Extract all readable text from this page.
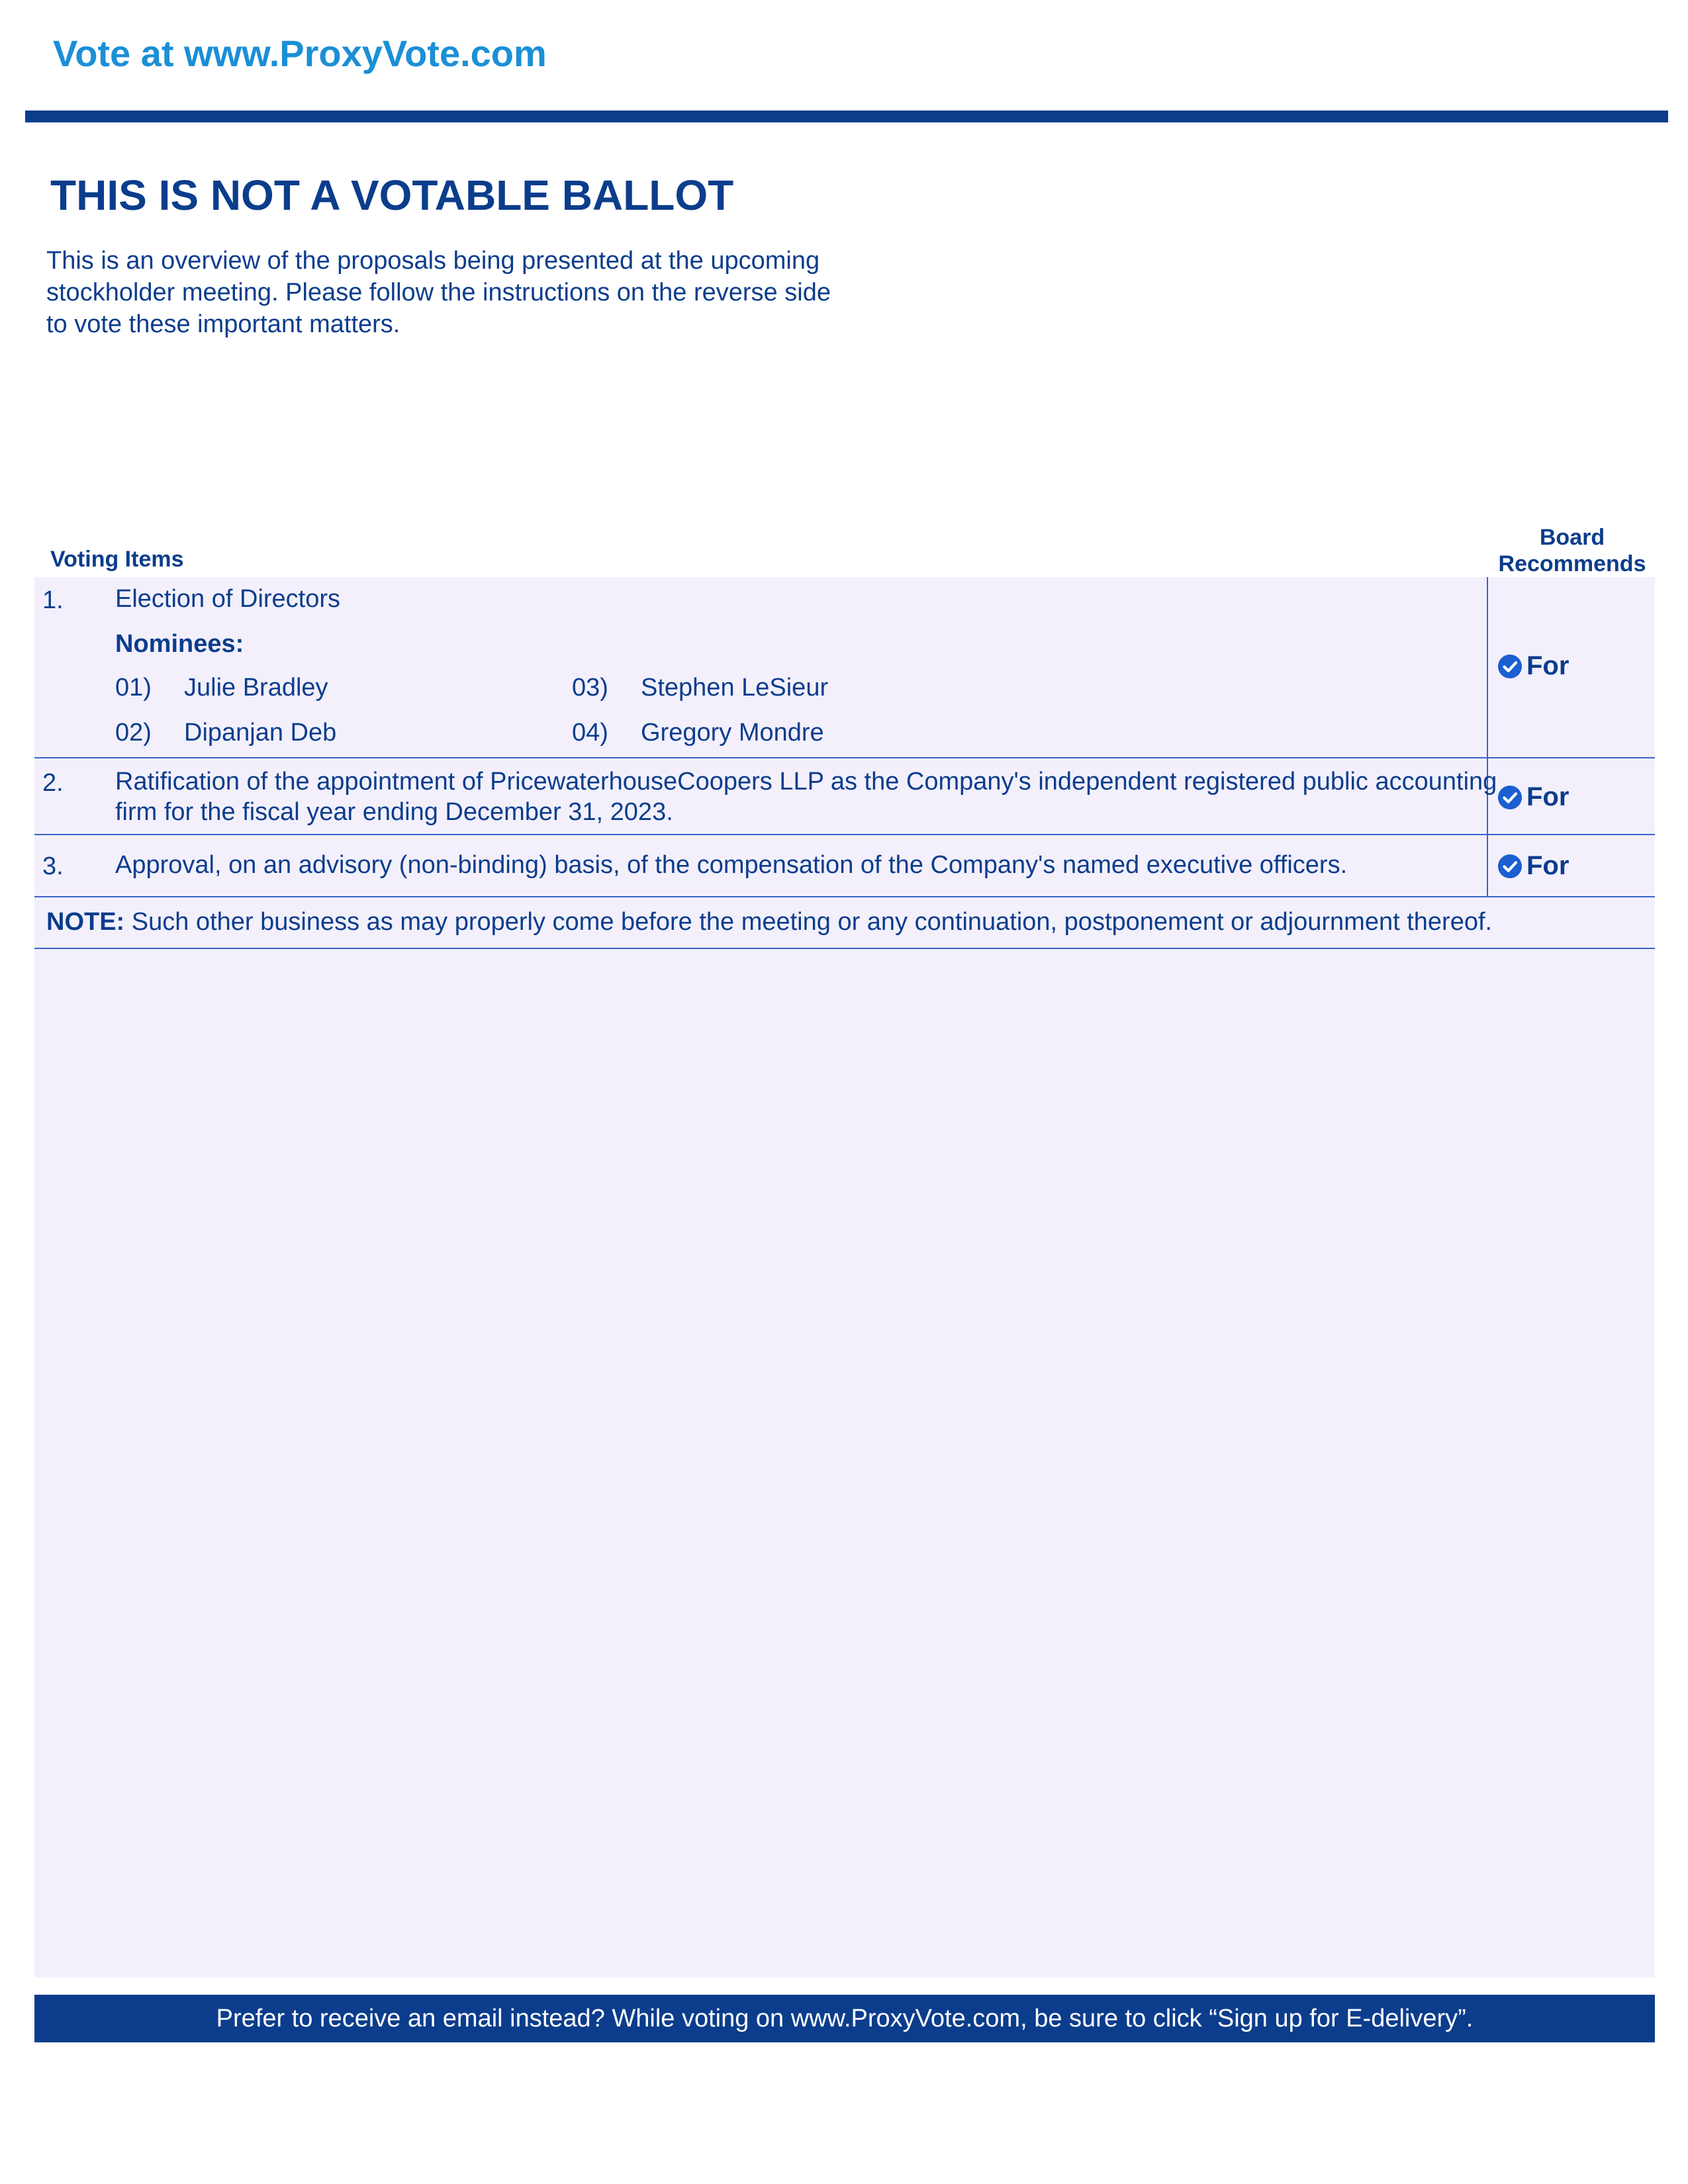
Vote at www.ProxyVote.com
THIS IS NOT A VOTABLE BALLOT
This is an overview of the proposals being presented at the upcoming stockholder meeting. Please follow the instructions on the reverse side to vote these important matters.
Voting Items
Board
Recommends
1. Election of Directors
Nominees:
01) Julie Bradley
02) Dipanjan Deb
03) Stephen LeSieur
04) Gregory Mondre
For
2. Ratification of the appointment of PricewaterhouseCoopers LLP as the Company's independent registered public accounting firm for the fiscal year ending December 31, 2023.
For
3. Approval, on an advisory (non-binding) basis, of the compensation of the Company's named executive officers.	For
NOTE: Such other business as may properly come before the meeting or any continuation, postponement or adjournment thereof.
Prefer to receive an email instead? While voting on www.ProxyVote.com, be sure to click “Sign up for E-delivery”.
